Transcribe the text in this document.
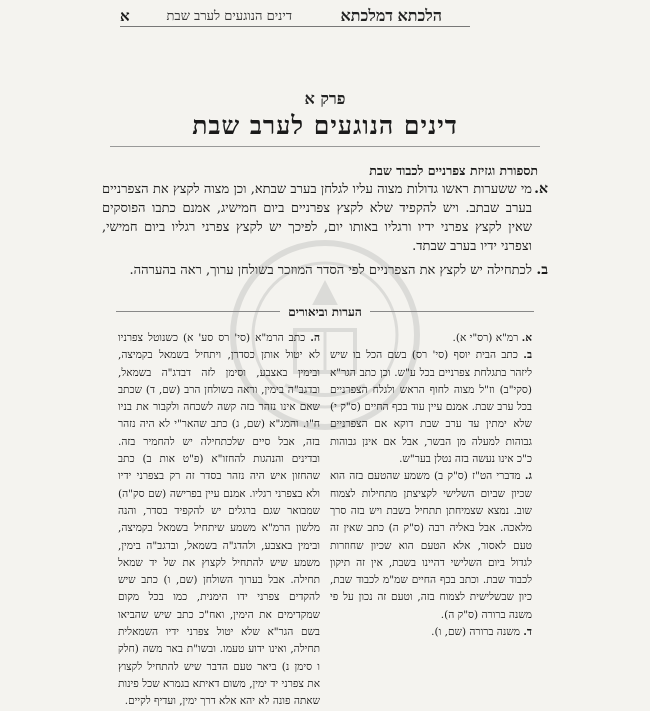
הלכתא
דינים הנוגעים לערב שבת	דמלכתא
א
פרק א
דינים הנוגעים לערב שבת
תספורת וגזיזת צפרניים לכבוד שבת
א.
מי ששערות ראשו גדולות מצוה עליו לגלחן בערב שבתא, וכן מצוה לקצץ את הצפרניים בערב שבתב. ויש להקפיד שלא לקצץ צפרניים ביום חמישיג, אמנם כתבו הפוסקים שאין לקצץ צפרני ידיו ורגליו באותו יום, לפיכך יש לקצץ צפרני רגליו ביום חמישי, וצפרני ידיו בערב שבתד.
ב.
לכתחילה יש לקצץ את הצפרניים לפי הסדר המוזכר בשולחן ערוך, ראה בהערהה.
הערות וביאורים

א. רמ"א (רס"י א).

ב. כתב הבית יוסף (סי' רס) בשם הכל בו שיש ליזהר בתגלחת צפרניים בכל ע"ש. וכן כתב הגר"א (סקי"ב) וז"ל מצוה לחוף הראש ולגלח הצפרניים בכל ערב שבת. אמנם עיין עוד בכף החיים (ס"ק י) שלא ימתין עד ערב שבת דוקא אם הצפרניים גבוהות למעלה מן הבשר, אבל אם אינן גבוהות כ"כ אינו נעשה בזה נטלן בער"ש.

ג. מדברי הט"ז (ס"ק ב) משמע שהטעם בזה הוא שכיון שביום השלישי לקציצתן מתחילות לצמוח שוב. נמצא שצמיחתן תתחיל בשבת ויש בזה סרך מלאכה. אבל באליה רבה (ס"ק ה) כתב שאין זה טעם לאסור, אלא הטעם הוא שכיון שחוזרות לגדול ביום השלישי דהיינו בשבת, אין זה תיקון לכבוד שבת. וכתב בכף החיים שמ"מ לכבוד שבת, כיון שבשלישית לצמוח בזה, וטעם זה נכון על פי משנה ברורה (ס"ק ה).

ד. משנה ברורה (שם, ו).

ה. כתב הרמ"א (סי' רס סע' א) כשנוטל צפרניו לא יטול אותן כסדרן, ויתחיל בשמאל בקמיצה, ובימין באצבע, וסימן לזה דבדג"ה בשמאל, ובדגב"ה בימין, וראה בשולחן הרב (שם, ד) שכתב שאם אינו נזהר בזה קשה לשכחה ולקבור את בניו ח"ו. והמג"א (שם, ג) כתב שהאר"י לא היה נזהר בזה, אבל סיים שלכתחילה יש להחמיר בזה. ובדינים והנהגות להחזו"א (פ"ט אות ב) כתב שהחזון איש היה נזהר בסדר זה רק בצפרני ידיו ולא בצפרני רגליו. אמנם עיין בפרישה (שם סק"ה) שמבואר שגם ברגלים יש להקפיד בסדר, והנה מלשון הרמ"א משמע שיתחיל בשמאל בקמיצה, ובימין באצבע, ולהדג"ה בשמאל, ובדגב"ה בימין, משמע שיש להתחיל לקצוץ את של יד שמאל תחילה. אבל בערוך השולחן (שם, ו) כתב שיש להקדים צפרני ידו הימנית, כמו בכל מקום שמקדימים את הימין, ואח"כ כתב שיש שהביאו בשם הגר"א שלא יטול צפרני ידיו השמאלית תחילה, ואינו ידוע טעמו. ובשו"ת באר משה (חלק ו סימן נ) ביאר טעם הדבר שיש להתחיל לקצוץ את צפרני יד ימין, משום דאיתא בגמרא שכל פינות שאתה פונה לא יהא אלא דרך ימין, ועדיף לקיים.
